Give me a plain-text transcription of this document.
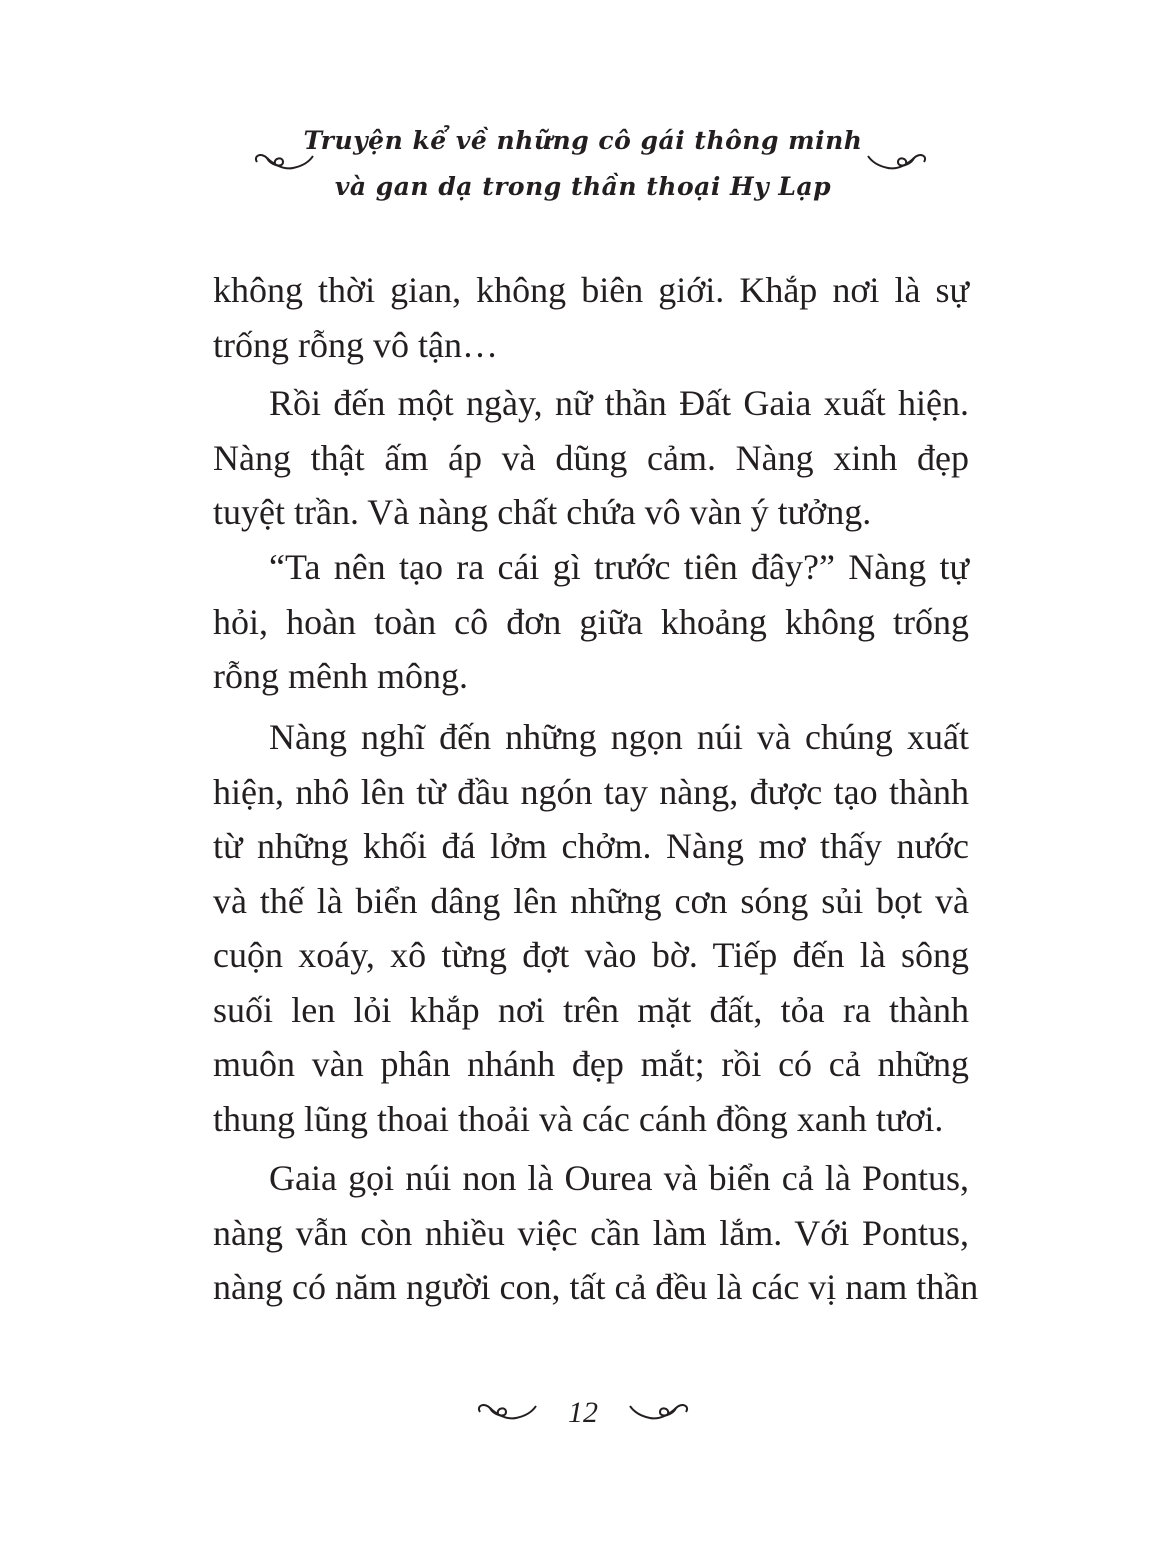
Truyện kể về những cô gái thông minh
và gan dạ trong thần thoại Hy Lạp
không thời gian, không biên giới. Khắp nơi là sự
trống rỗng vô tận…
Rồi đến một ngày, nữ thần Đất Gaia xuất hiện.
Nàng thật ấm áp và dũng cảm. Nàng xinh đẹp
tuyệt trần. Và nàng chất chứa vô vàn ý tưởng.
“Ta nên tạo ra cái gì trước tiên đây?” Nàng tự
hỏi, hoàn toàn cô đơn giữa khoảng không trống
rỗng mênh mông.
Nàng nghĩ đến những ngọn núi và chúng xuất
hiện, nhô lên từ đầu ngón tay nàng, được tạo thành
từ những khối đá lởm chởm. Nàng mơ thấy nước
và thế là biển dâng lên những cơn sóng sủi bọt và
cuộn xoáy, xô từng đợt vào bờ. Tiếp đến là sông
suối len lỏi khắp nơi trên mặt đất, tỏa ra thành
muôn vàn phân nhánh đẹp mắt; rồi có cả những
thung lũng thoai thoải và các cánh đồng xanh tươi.
Gaia gọi núi non là Ourea và biển cả là Pontus,
nàng vẫn còn nhiều việc cần làm lắm. Với Pontus,
nàng có năm người con, tất cả đều là các vị nam thần
12
